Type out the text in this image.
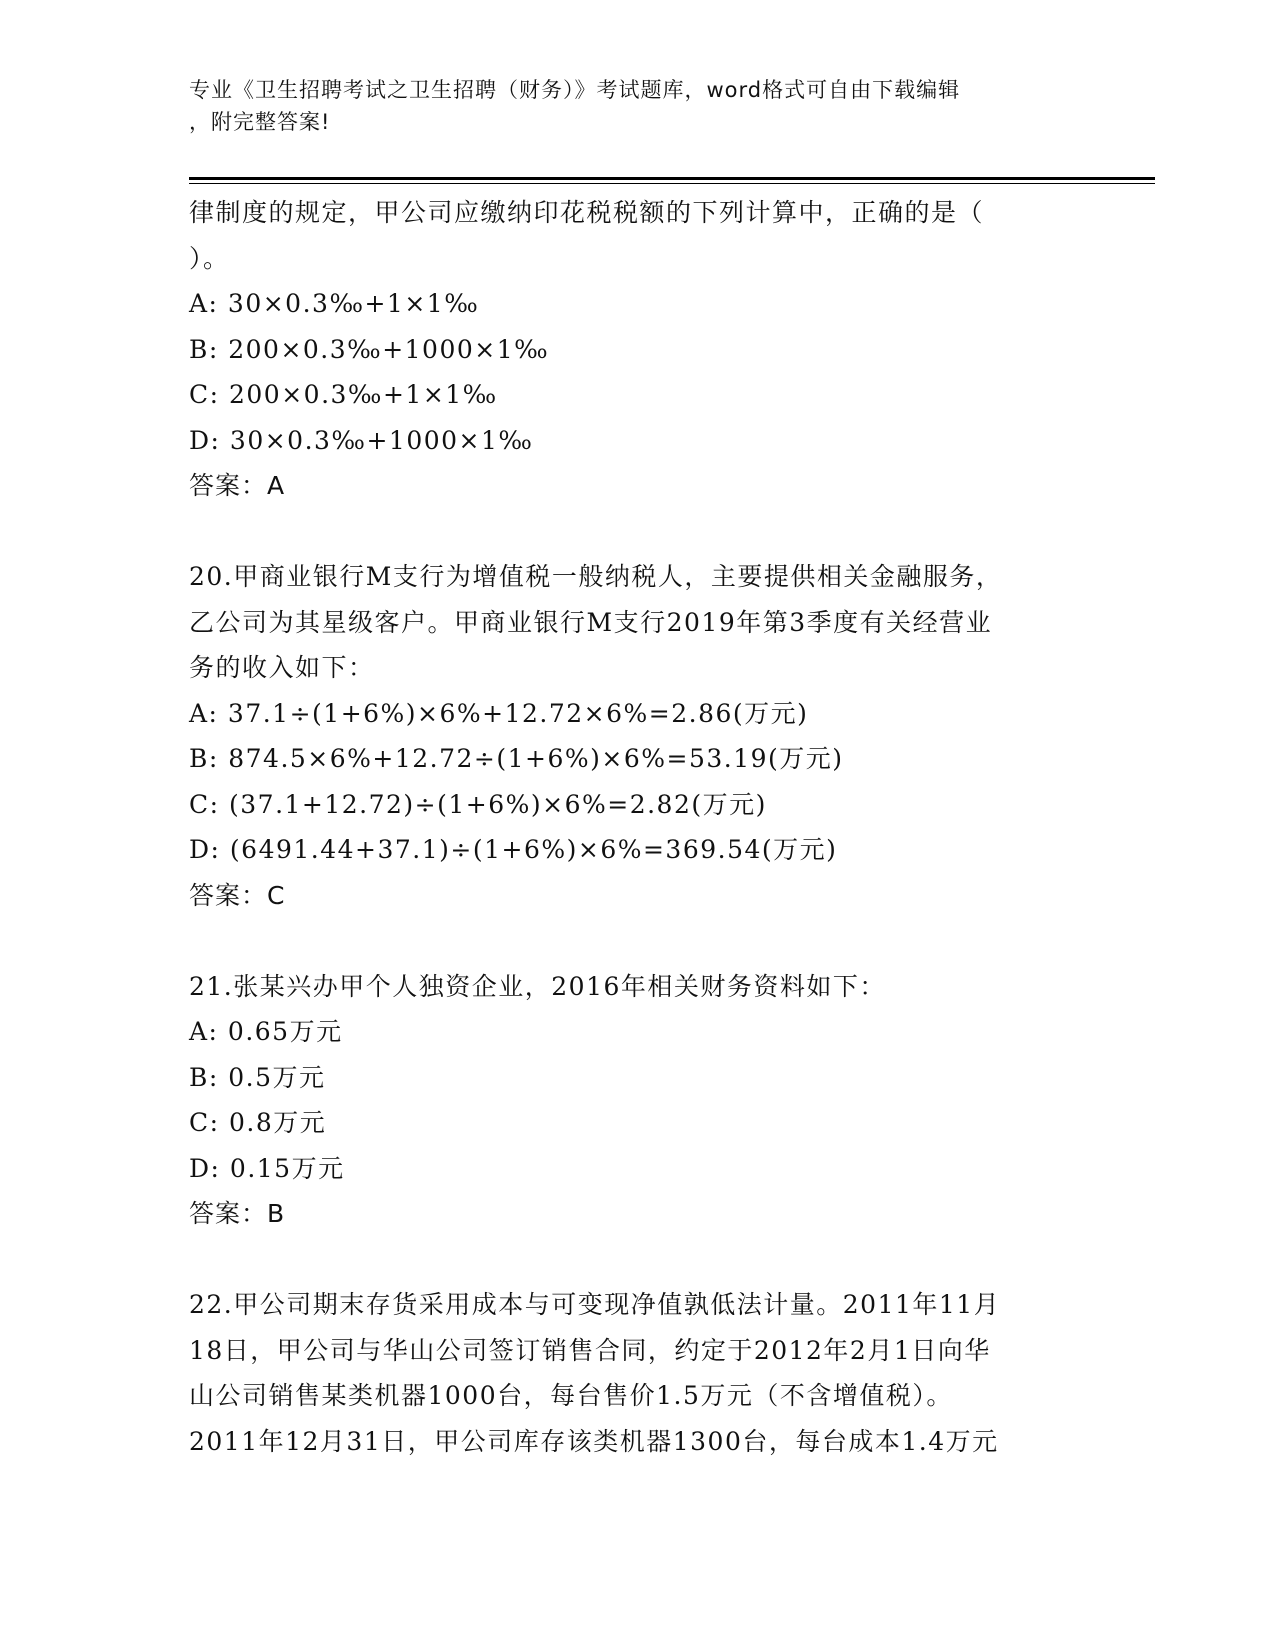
专业《卫生招聘考试之卫生招聘（财务）》考试题库，word格式可自由下载编辑
，附完整答案!
律制度的规定，甲公司应缴纳印花税税额的下列计算中，正确的是（
）。
A: 30×0.3‰+1×1‰
B: 200×0.3‰+1000×1‰
C: 200×0.3‰+1×1‰
D: 30×0.3‰+1000×1‰
答案：A
20.甲商业银行M支行为增值税一般纳税人，主要提供相关金融服务，
乙公司为其星级客户。甲商业银行M支行2019年第3季度有关经营业
务的收入如下：
A: 37.1÷(1+6%)×6%+12.72×6%=2.86(万元)
B: 874.5×6%+12.72÷(1+6%)×6%=53.19(万元)
C: (37.1+12.72)÷(1+6%)×6%=2.82(万元)
D: (6491.44+37.1)÷(1+6%)×6%=369.54(万元)
答案：C
21.张某兴办甲个人独资企业，2016年相关财务资料如下：
A: 0.65万元
B: 0.5万元
C: 0.8万元
D: 0.15万元
答案：B
22.甲公司期末存货采用成本与可变现净值孰低法计量。2011年11月
18日，甲公司与华山公司签订销售合同，约定于2012年2月1日向华
山公司销售某类机器1000台，每台售价1.5万元（不含增值税）。
2011年12月31日，甲公司库存该类机器1300台，每台成本1.4万元
